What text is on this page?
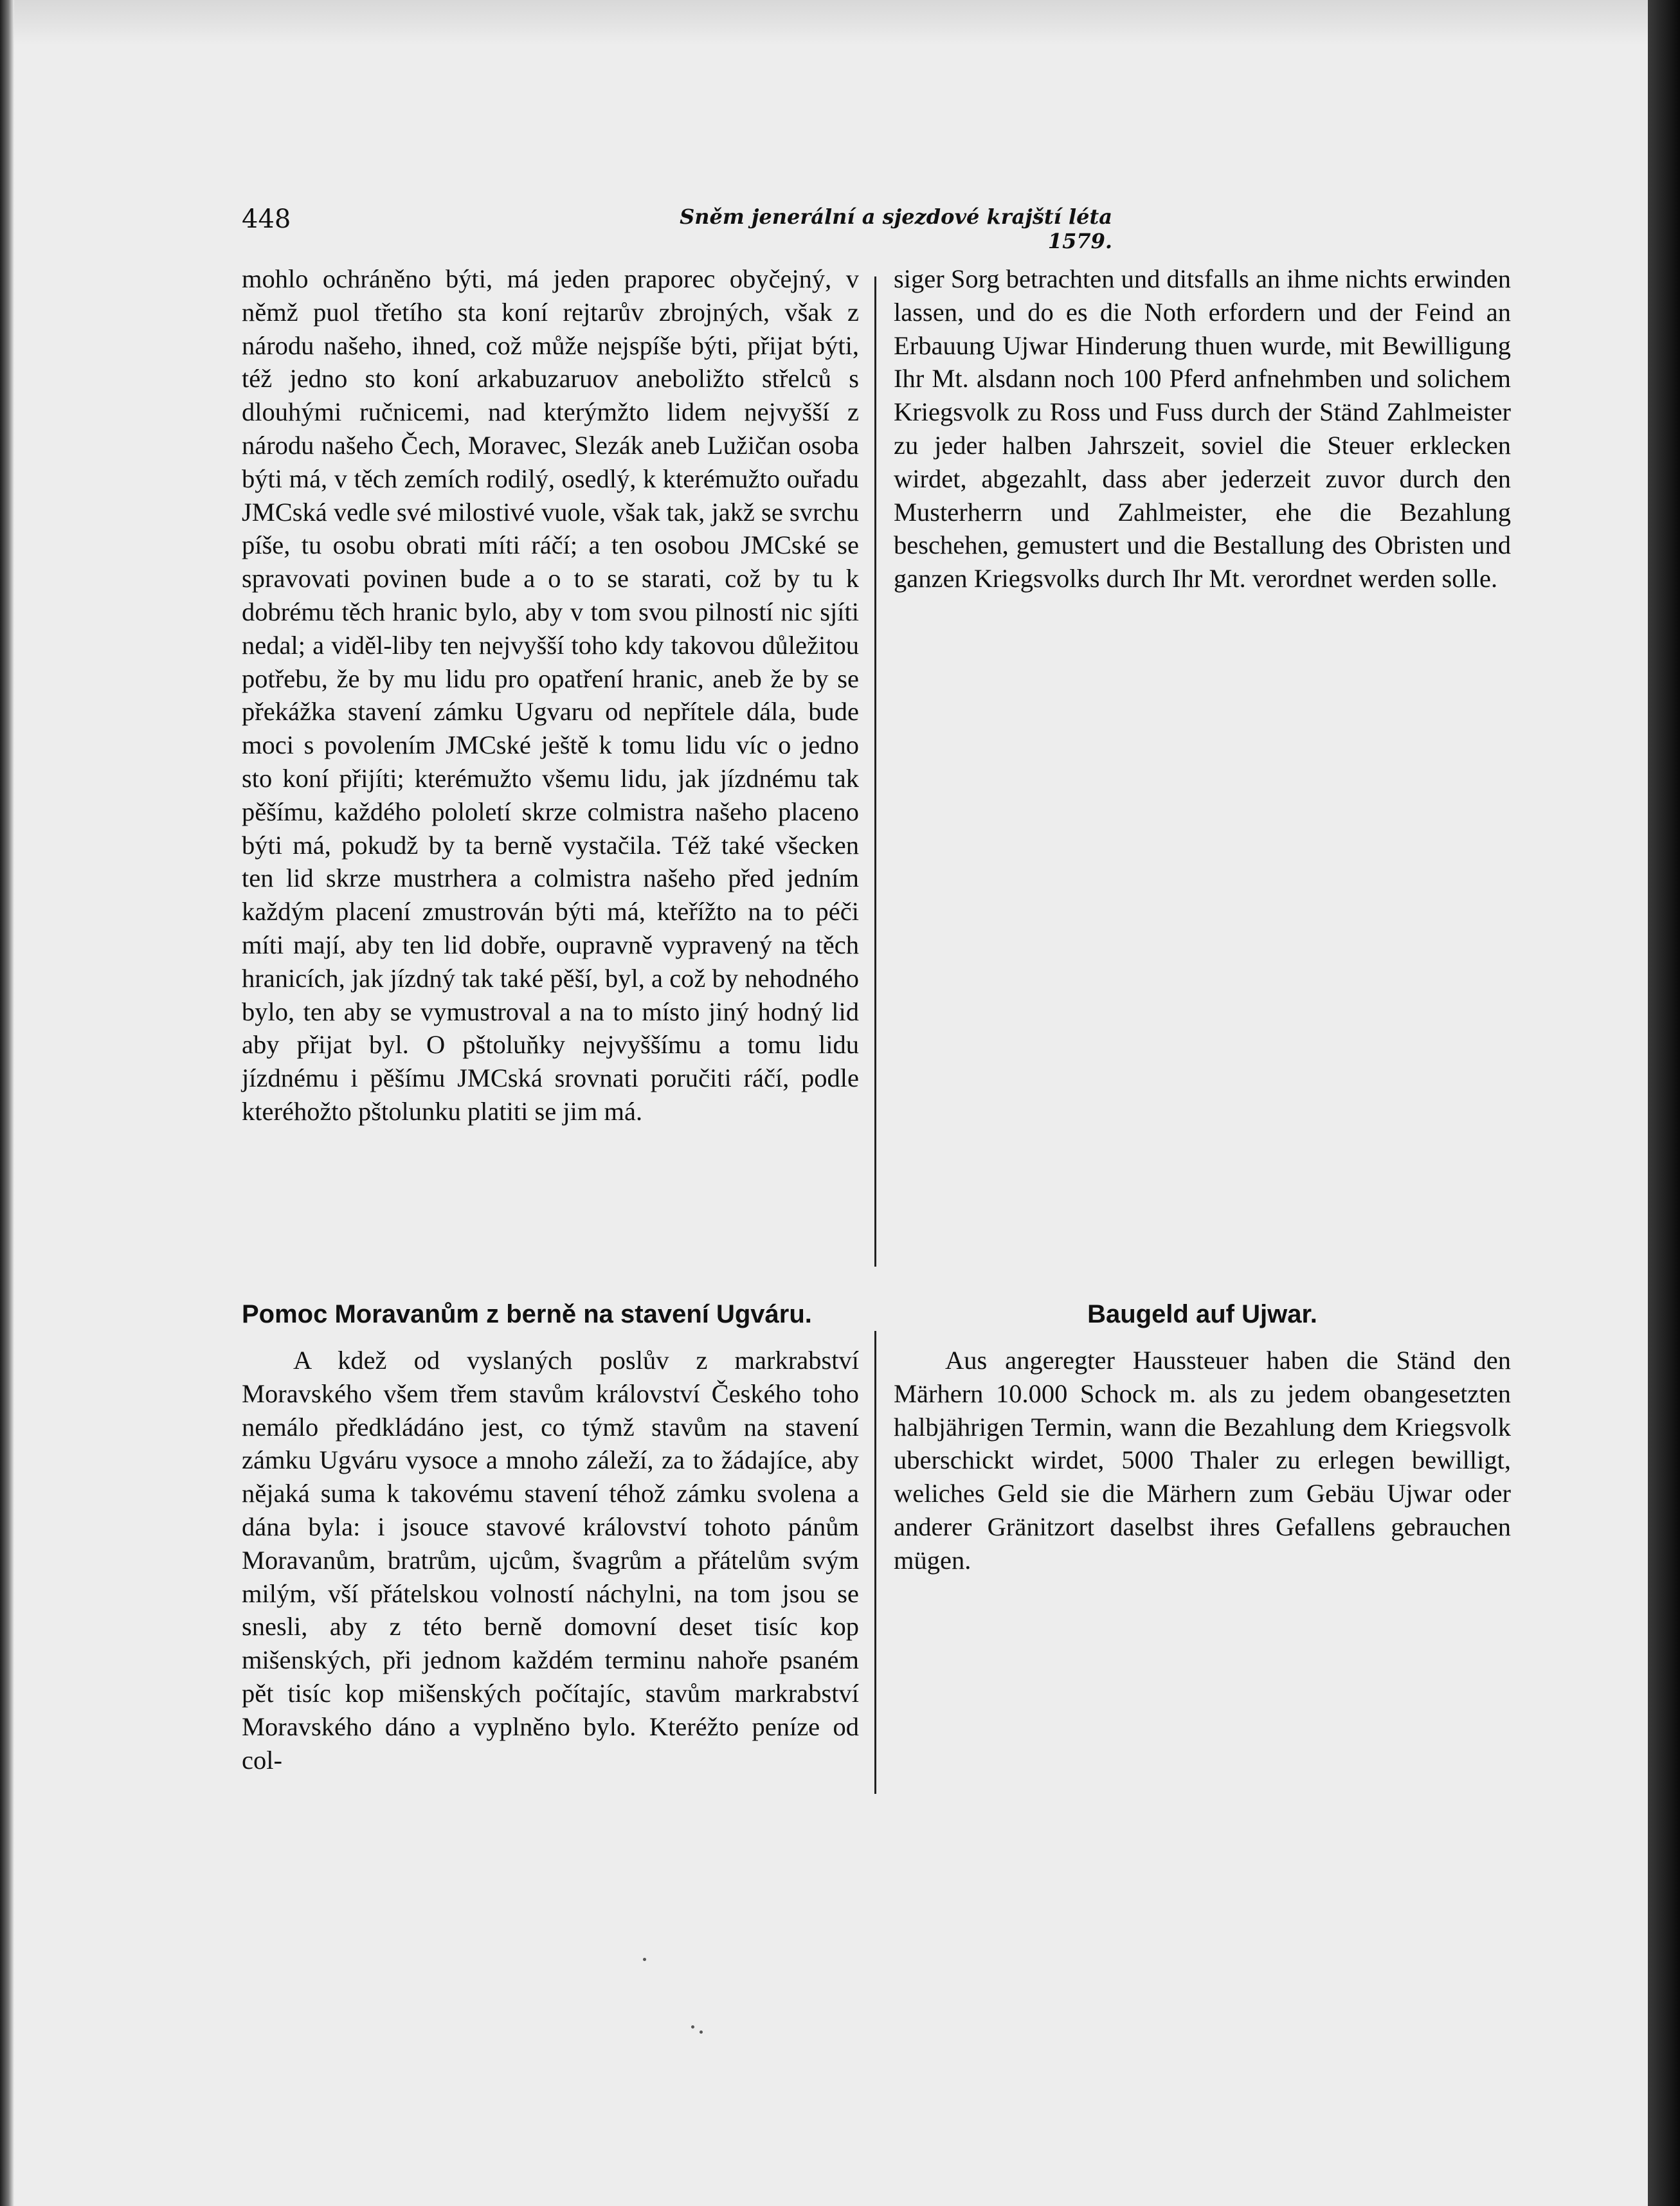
448	Sněm jenerální a sjezdové krajští léta 1579.

mohlo ochráněno býti, má jeden praporec obyčejný, v němž puol třetího sta koní rejtarův zbrojných, však z národu našeho, ihned, což může nejspíše býti, přijat býti, též jedno sto koní arkabuzaruov aneboližto střelců s dlouhými ručnicemi, nad kterýmžto lidem nejvyšší z národu našeho Čech, Moravec, Slezák aneb Lužičan osoba býti má, v těch zemích rodilý, osedlý, k kterémužto ouřadu JMCská vedle své milostivé vuole, však tak, jakž se svrchu píše, tu osobu obrati míti ráčí; a ten osobou JMCské se spravovati povinen bude a o to se starati, což by tu k dobrému těch hranic bylo, aby v tom svou pilností nic sjíti nedal; a viděl-liby ten nejvyšší toho kdy takovou důležitou potřebu, že by mu lidu pro opatření hranic, aneb že by se překážka stavení zámku Ugvaru od nepřítele dála, bude moci s povolením JMCské ještě k tomu lidu víc o jedno sto koní přijíti; kterémužto všemu lidu, jak jízdnému tak pěšímu, každého pololetí skrze colmistra našeho placeno býti má, pokudž by ta berně vystačila. Též také všecken ten lid skrze mustrhera a colmistra našeho před jedním každým placení zmustrován býti má, kteřížto na to péči míti mají, aby ten lid dobře, oupravně vypravený na těch hranicích, jak jízdný tak také pěší, byl, a což by nehodného bylo, ten aby se vymustroval a na to místo jiný hodný lid aby přijat byl. O pštoluňky nejvyššímu a tomu lidu jízdnému i pěšímu JMCská srovnati poručiti ráčí, podle kteréhožto pštolunku platiti se jim má.

siger Sorg betrachten und ditsfalls an ihme nichts erwinden lassen, und do es die Noth erfordern und der Feind an Erbauung Ujwar Hinderung thuen wurde, mit Bewilligung Ihr Mt. alsdann noch 100 Pferd anfnehmben und solichem Kriegsvolk zu Ross und Fuss durch der Ständ Zahlmeister zu jeder halben Jahrszeit, soviel die Steuer erklecken wirdet, abgezahlt, dass aber jederzeit zuvor durch den Musterherrn und Zahlmeister, ehe die Bezahlung beschehen, gemustert und die Bestallung des Obristen und ganzen Kriegsvolks durch Ihr Mt. verordnet werden solle.

Pomoc Moravanům z berně na stavení Ugváru.	Baugeld auf Ujwar.

A kdež od vyslaných poslův z markrabství Moravského všem třem stavům království Českého toho nemálo předkládáno jest, co týmž stavům na stavení zámku Ugváru vysoce a mnoho záleží, za to žádajíce, aby nějaká suma k takovému stavení téhož zámku svolena a dána byla: i jsouce stavové království tohoto pánům Moravanům, bratrům, ujcům, švagrům a přátelům svým milým, vší přátelskou volností náchylni, na tom jsou se snesli, aby z této berně domovní deset tisíc kop mišenských, při jednom každém terminu nahoře psaném pět tisíc kop mišenských počítajíc, stavům markrabství Moravského dáno a vyplněno bylo. Kteréžto peníze od col-

Aus angeregter Haussteuer haben die Ständ den Märhern 10.000 Schock m. als zu jedem obangesetzten halbjährigen Termin, wann die Bezahlung dem Kriegsvolk uberschickt wirdet, 5000 Thaler zu erlegen bewilligt, weliches Geld sie die Märhern zum Gebäu Ujwar oder anderer Gränitzort daselbst ihres Gefallens gebrauchen mügen.
